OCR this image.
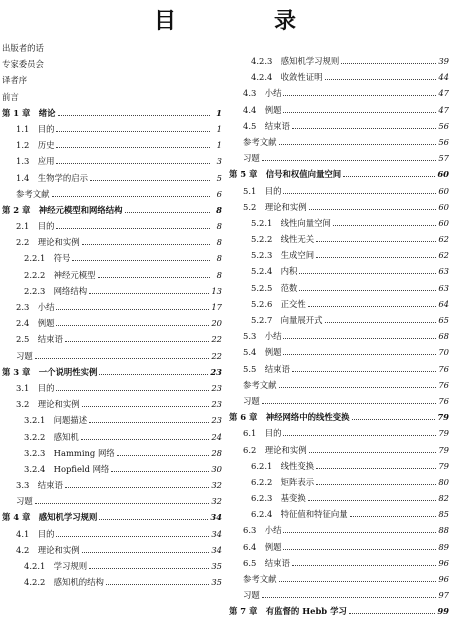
目　录
出版者的话
专家委员会
译者序
前言
第 1 章　绪论	1
1.1　目的	1
1.2　历史	1
1.3　应用	3
1.4　生物学的启示	5
参考文献	6
第 2 章　神经元模型和网络结构	8
2.1　目的	8
2.2　理论和实例	8
2.2.1　符号	8
2.2.2　神经元模型	8
2.2.3　网络结构	13
2.3　小结	17
2.4　例题	20
2.5　结束语	22
习题	22
第 3 章　一个说明性实例	23
3.1　目的	23
3.2　理论和实例	23
3.2.1　问题描述	23
3.2.2　感知机	24
3.2.3　Hamming 网络	28
3.2.4　Hopfield 网络	30
3.3　结束语	32
习题	32
第 4 章　感知机学习规则	34
4.1　目的	34
4.2　理论和实例	34
4.2.1　学习规则	35
4.2.2　感知机的结构	35
4.2.3　感知机学习规则	39
4.2.4　收敛性证明	44
4.3　小结	47
4.4　例题	47
4.5　结束语	56
参考文献	56
习题	57
第 5 章　信号和权值向量空间	60
5.1　目的	60
5.2　理论和实例	60
5.2.1　线性向量空间	60
5.2.2　线性无关	62
5.2.3　生成空间	62
5.2.4　内积	63
5.2.5　范数	63
5.2.6　正交性	64
5.2.7　向量展开式	65
5.3　小结	68
5.4　例题	70
5.5　结束语	76
参考文献	76
习题	76
第 6 章　神经网络中的线性变换	79
6.1　目的	79
6.2　理论和实例	79
6.2.1　线性变换	79
6.2.2　矩阵表示	80
6.2.3　基变换	82
6.2.4　特征值和特征向量	85
6.3　小结	88
6.4　例题	89
6.5　结束语	96
参考文献	96
习题	97
第 7 章　有监督的 Hebb 学习	99
